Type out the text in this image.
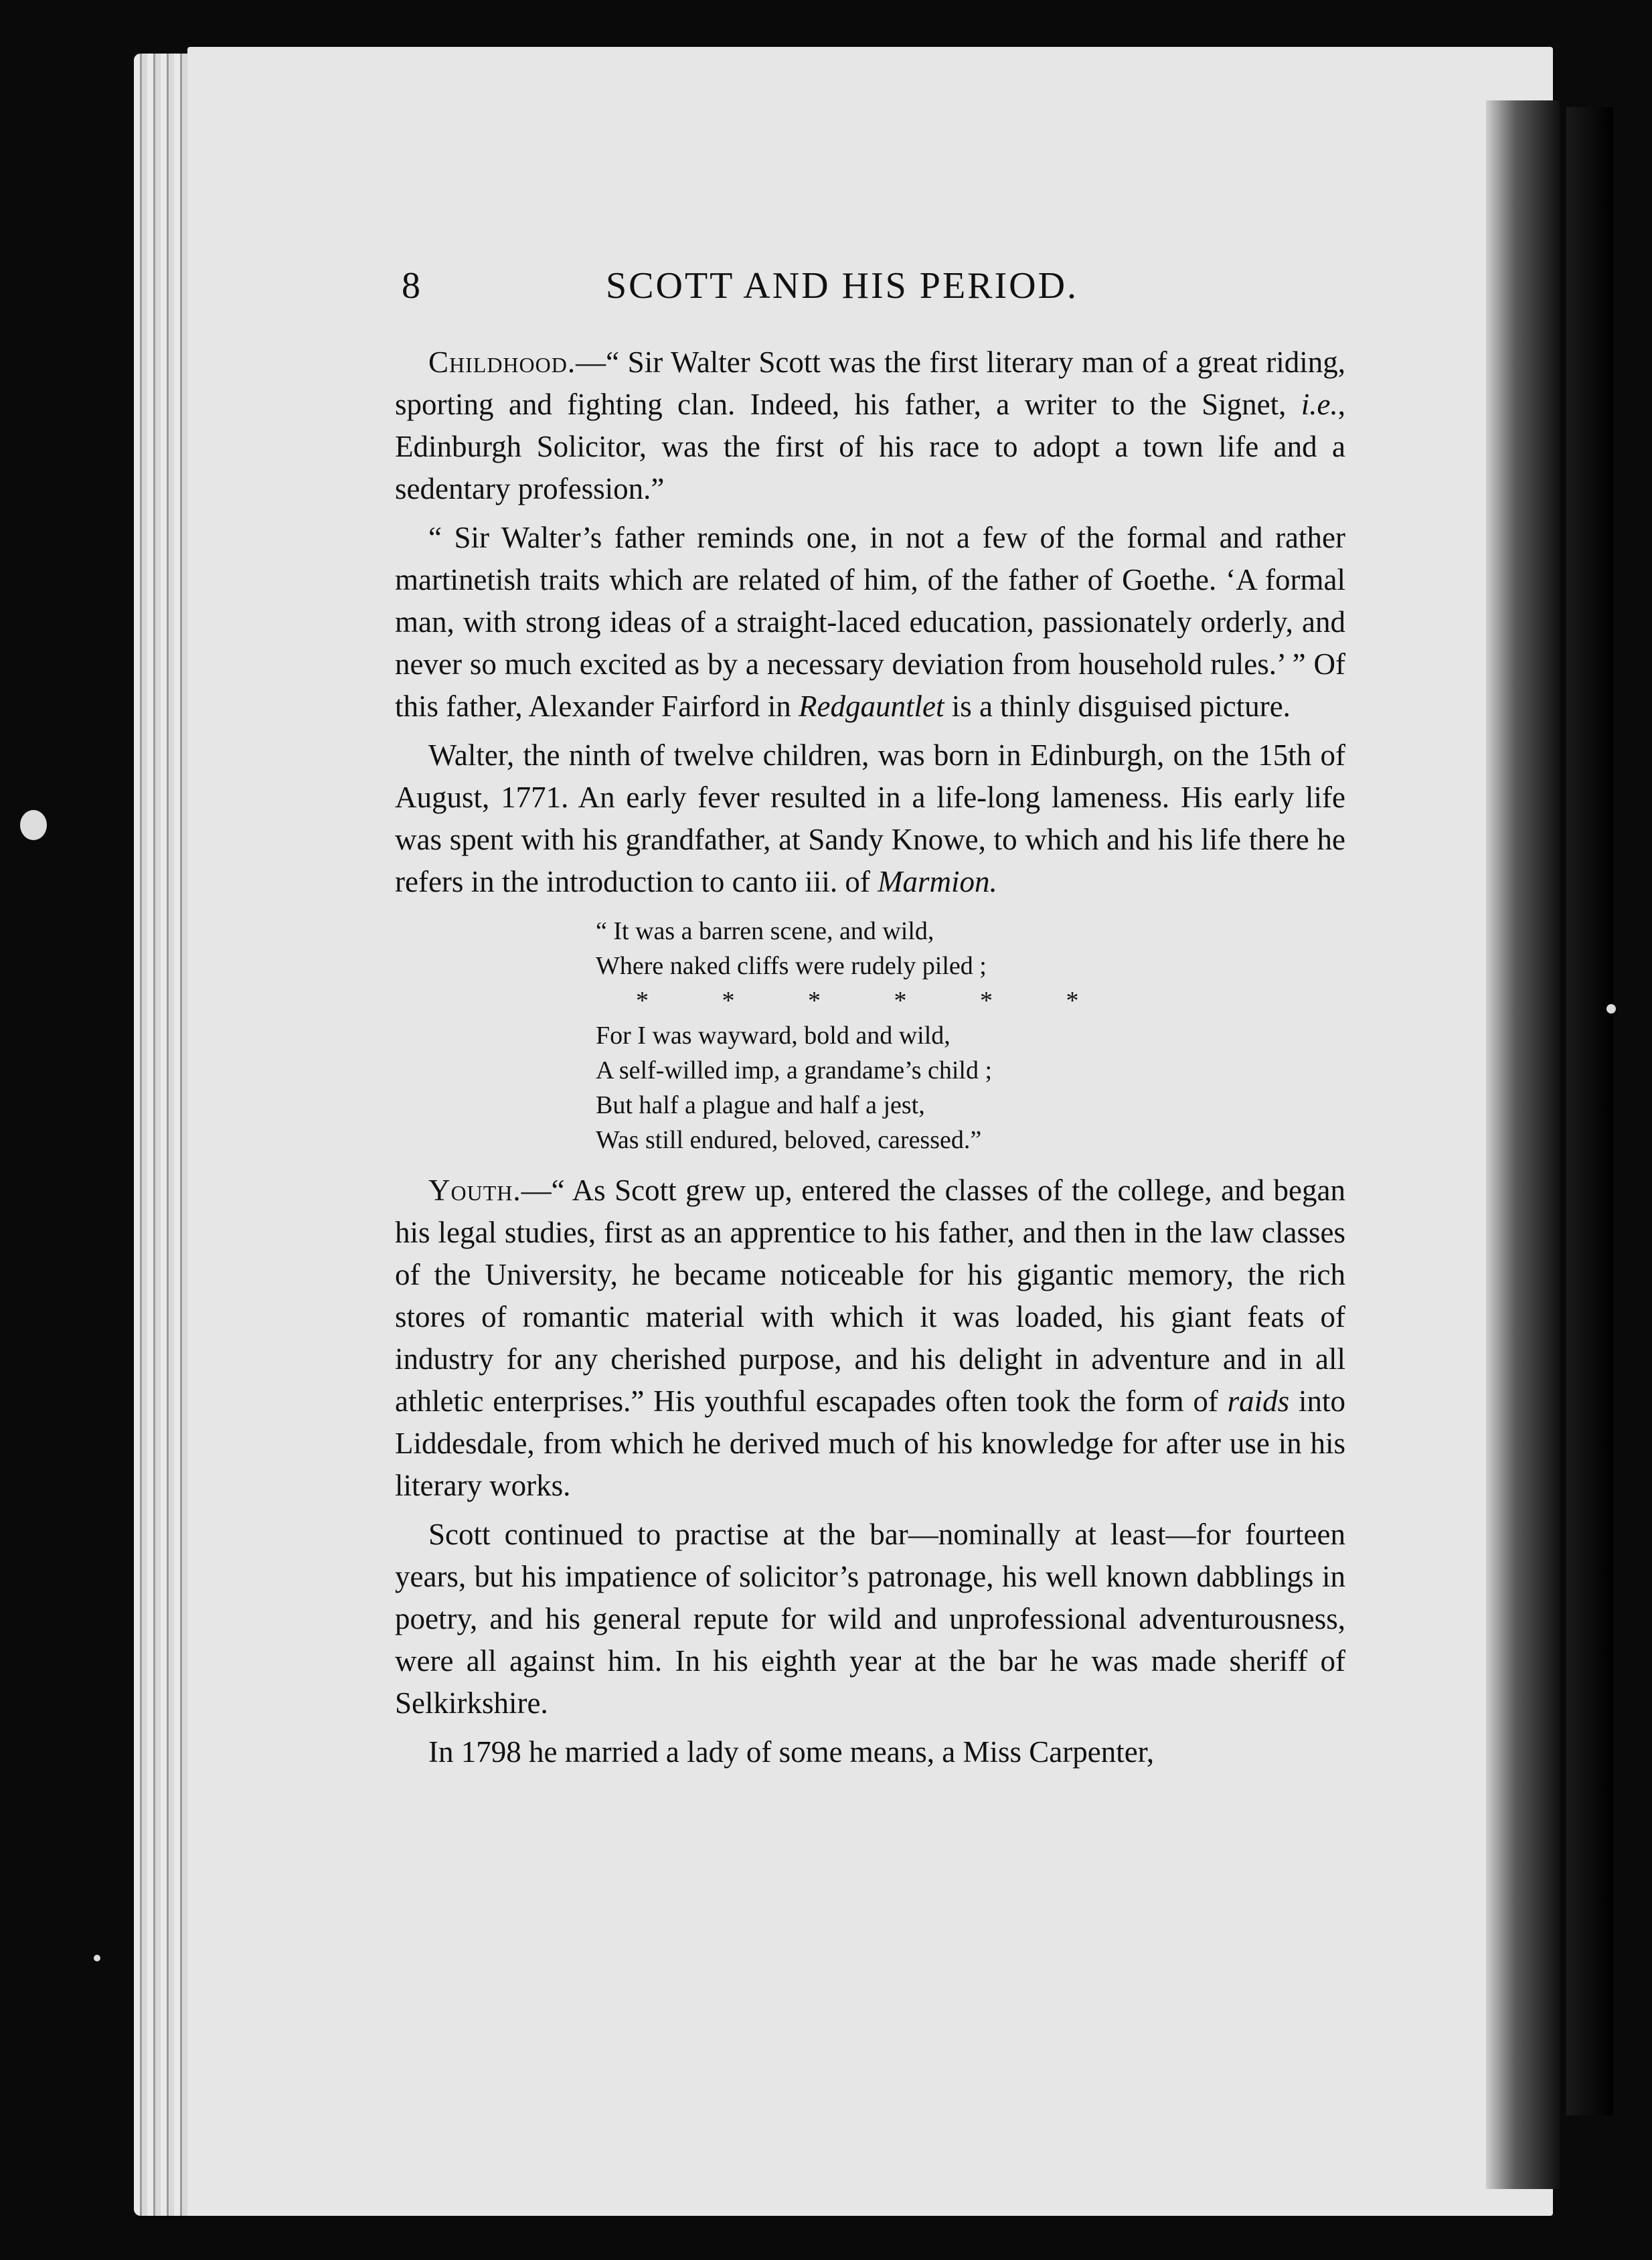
8	SCOTT AND HIS PERIOD.

Childhood.—“ Sir Walter Scott was the first literary man of a great riding, sporting and fighting clan. Indeed, his father, a writer to the Signet, i.e., Edinburgh Solicitor, was the first of his race to adopt a town life and a sedentary profession.”

“ Sir Walter’s father reminds one, in not a few of the formal and rather martinetish traits which are related of him, of the father of Goethe. ‘A formal man, with strong ideas of a straight-laced education, passionately orderly, and never so much excited as by a necessary deviation from household rules.’ ” Of this father, Alexander Fairford in Redgauntlet is a thinly disguised picture.

Walter, the ninth of twelve children, was born in Edinburgh, on the 15th of August, 1771. An early fever resulted in a life-long lameness. His early life was spent with his grandfather, at Sandy Knowe, to which and his life there he refers in the introduction to canto iii. of Marmion.

“ It was a barren scene, and wild,
Where naked cliffs were rudely piled ;
* * * * * *
For I was wayward, bold and wild,
A self-willed imp, a grandame’s child ;
But half a plague and half a jest,
Was still endured, beloved, caressed.”

Youth.—“ As Scott grew up, entered the classes of the college, and began his legal studies, first as an apprentice to his father, and then in the law classes of the University, he became noticeable for his gigantic memory, the rich stores of romantic material with which it was loaded, his giant feats of industry for any cherished purpose, and his delight in adventure and in all athletic enterprises.” His youthful escapades often took the form of raids into Liddesdale, from which he derived much of his knowledge for after use in his literary works.

Scott continued to practise at the bar—nominally at least—for fourteen years, but his impatience of solicitor’s patronage, his well known dabblings in poetry, and his general repute for wild and unprofessional adventurousness, were all against him. In his eighth year at the bar he was made sheriff of Selkirkshire.

In 1798 he married a lady of some means, a Miss Carpenter,
